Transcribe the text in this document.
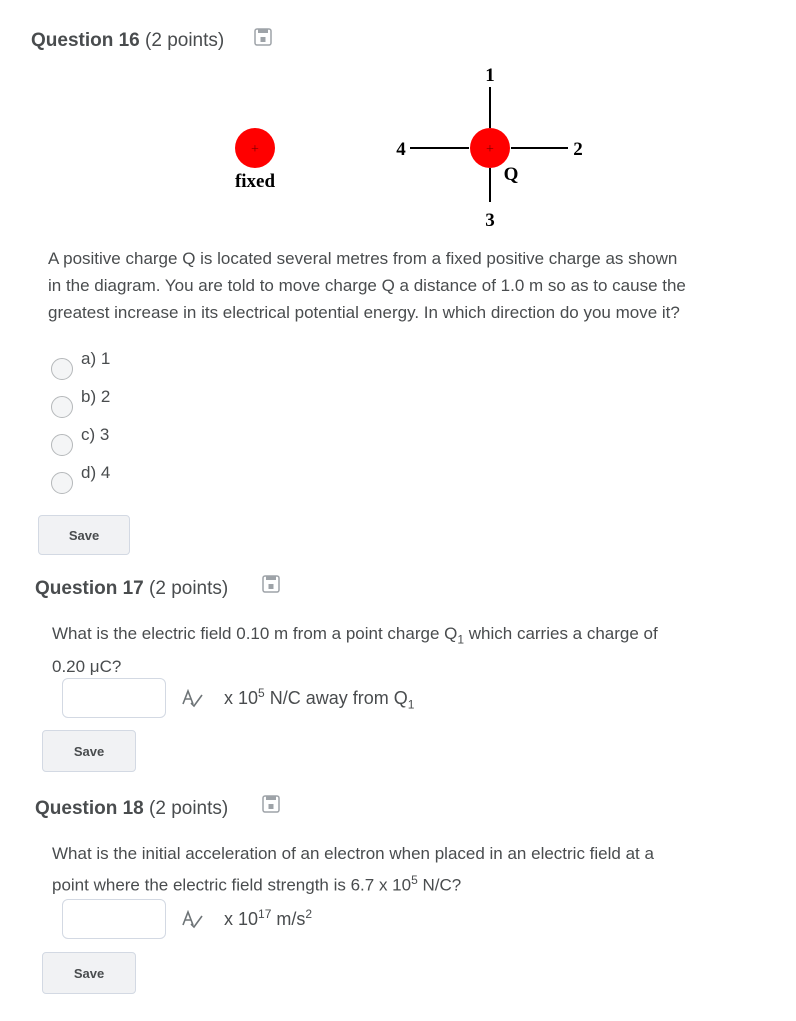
Question 16 (2 points)
+
fixed
+
Q
1
2
3
4
A positive charge Q is located several metres from a fixed positive charge as shown
in the diagram. You are told to move charge Q a distance of 1.0 m so as to cause the
greatest increase in its electrical potential energy. In which direction do you move it?
a) 1
b) 2
c) 3
d) 4
Save
Question 17 (2 points)
What is the electric field 0.10 m from a point charge $Q_1$ which carries a charge of
0.20 μC?
x $10^5$ N/C away from $Q_1$
Save
Question 18 (2 points)
What is the initial acceleration of an electron when placed in an electric field at a
point where the electric field strength is 6.7 x $10^5$ N/C?
x $10^{17}$ $m/s^2$
Save
